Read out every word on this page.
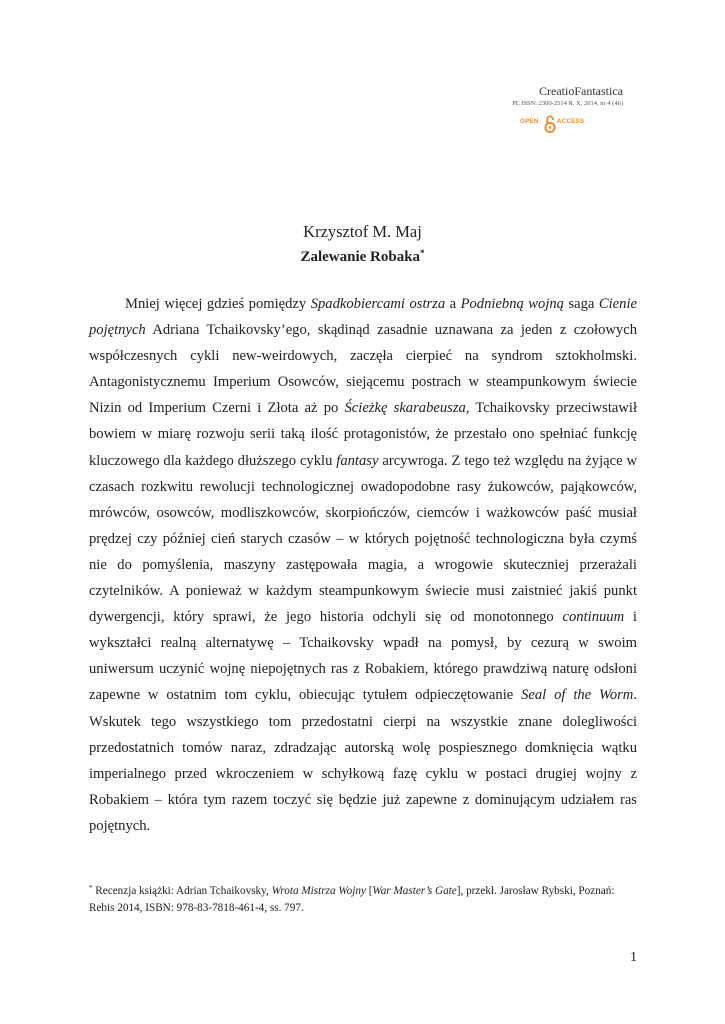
CreatioFantastica
PL ISSN: 2300-2514 R. X, 2014, nr 4 (46)
OPEN	ACCESS
Krzysztof M. Maj
Zalewanie Robaka*

Mniej więcej gdzieś pomiędzy Spadkobiercami ostrza a Podniebną wojną saga Cienie pojętnych Adriana Tchaikovsky’ego, skądinąd zasadnie uznawana za jeden z czołowych współczesnych cykli new-weirdowych, zaczęła cierpieć na syndrom sztokholmski. Antagonistycznemu Imperium Osowców, siejącemu postrach w steampunkowym świecie Nizin od Imperium Czerni i Złota aż po Ścieżkę skarabeusza, Tchaikovsky przeciwstawił bowiem w miarę rozwoju serii taką ilość protagonistów, że przestało ono spełniać funkcję kluczowego dla każdego dłuższego cyklu fantasy arcywroga. Z tego też względu na żyjące w czasach rozkwitu rewolucji technologicznej owadopodobne rasy żukowców, pająkowców, mrówców, osowców, modliszkowców, skorpiończów, ciemców i ważkowców paść musiał prędzej czy później cień starych czasów – w których pojętność technologiczna była czymś nie do pomyślenia, maszyny zastępowała magia, a wrogowie skuteczniej przerażali czytelników. A ponieważ w każdym steampunkowym świecie musi zaistnieć jakiś punkt dywergencji, który sprawi, że jego historia odchyli się od monotonnego continuum i wykształci realną alternatywę – Tchaikovsky wpadł na pomysł, by cezurą w swoim uniwersum uczynić wojnę niepojętnych ras z Robakiem, którego prawdziwą naturę odsłoni zapewne w ostatnim tom cyklu, obiecując tytułem odpieczętowanie Seal of the Worm. Wskutek tego wszystkiego tom przedostatni cierpi na wszystkie znane dolegliwości przedostatnich tomów naraz, zdradzając autorską wolę pospiesznego domknięcia wątku imperialnego przed wkroczeniem w schyłkową fazę cyklu w postaci drugiej wojny z Robakiem – która tym razem toczyć się będzie już zapewne z dominującym udziałem ras pojętnych.

* Recenzja książki: Adrian Tchaikovsky, Wrota Mistrza Wojny [War Master’s Gate], przekł. Jarosław Rybski, Poznań: Rebis 2014, ISBN: 978-83-7818-461-4, ss. 797.
1
